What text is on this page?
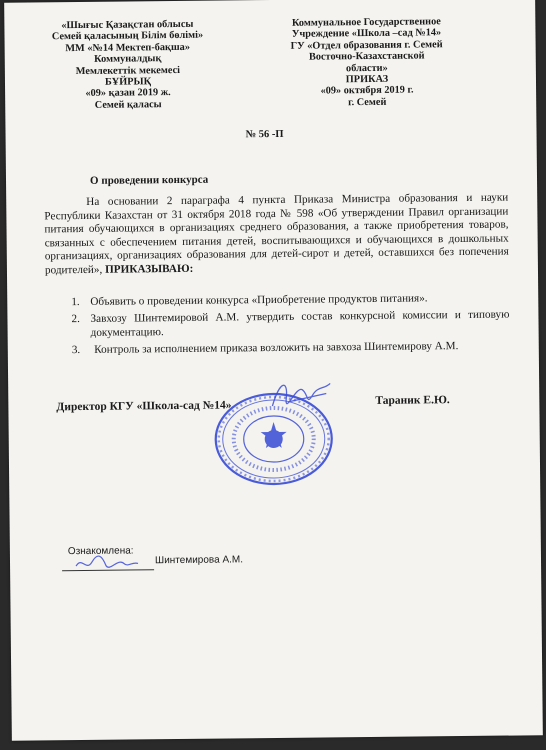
«Шығыс Қазақстан облысы
Семей қаласының Білім бөлімі»
ММ «№14 Мектеп-бақша»
Коммуналдық
Мемлекеттік мекемесі
БҰЙРЫҚ
«09» қазан 2019 ж.
Семей қаласы
Коммунальное Государственное
Учреждение «Школа –сад №14»
ГУ «Отдел образования г. Семей
Восточно-Казахстанской
области»
ПРИКАЗ
«09» октября 2019 г.
г. Семей
№ 56 -П
О проведении конкурса
На основании 2 параграфа 4 пункта Приказа Министра образования и науки Республики Казахстан от 31 октября 2018 года № 598 «Об утверждении Правил организации питания обучающихся в организациях среднего образования, а также приобретения товаров, связанных с обеспечением питания детей, воспитывающихся и обучающихся в дошкольных организациях, организациях образования для детей-сирот и детей, оставшихся без попечения родителей», ПРИКАЗЫВАЮ:
1. Объявить о проведении конкурса «Приобретение продуктов питания».
2. Завхозу Шинтемировой А.М. утвердить состав конкурсной комиссии и типовую документацию.
3. Контроль за исполнением приказа возложить на завхоза Шинтемирову А.М.
Директор КГУ «Школа-сад №14»	Тараник Е.Ю.
Ознакомлена:
Шинтемирова А.М.
